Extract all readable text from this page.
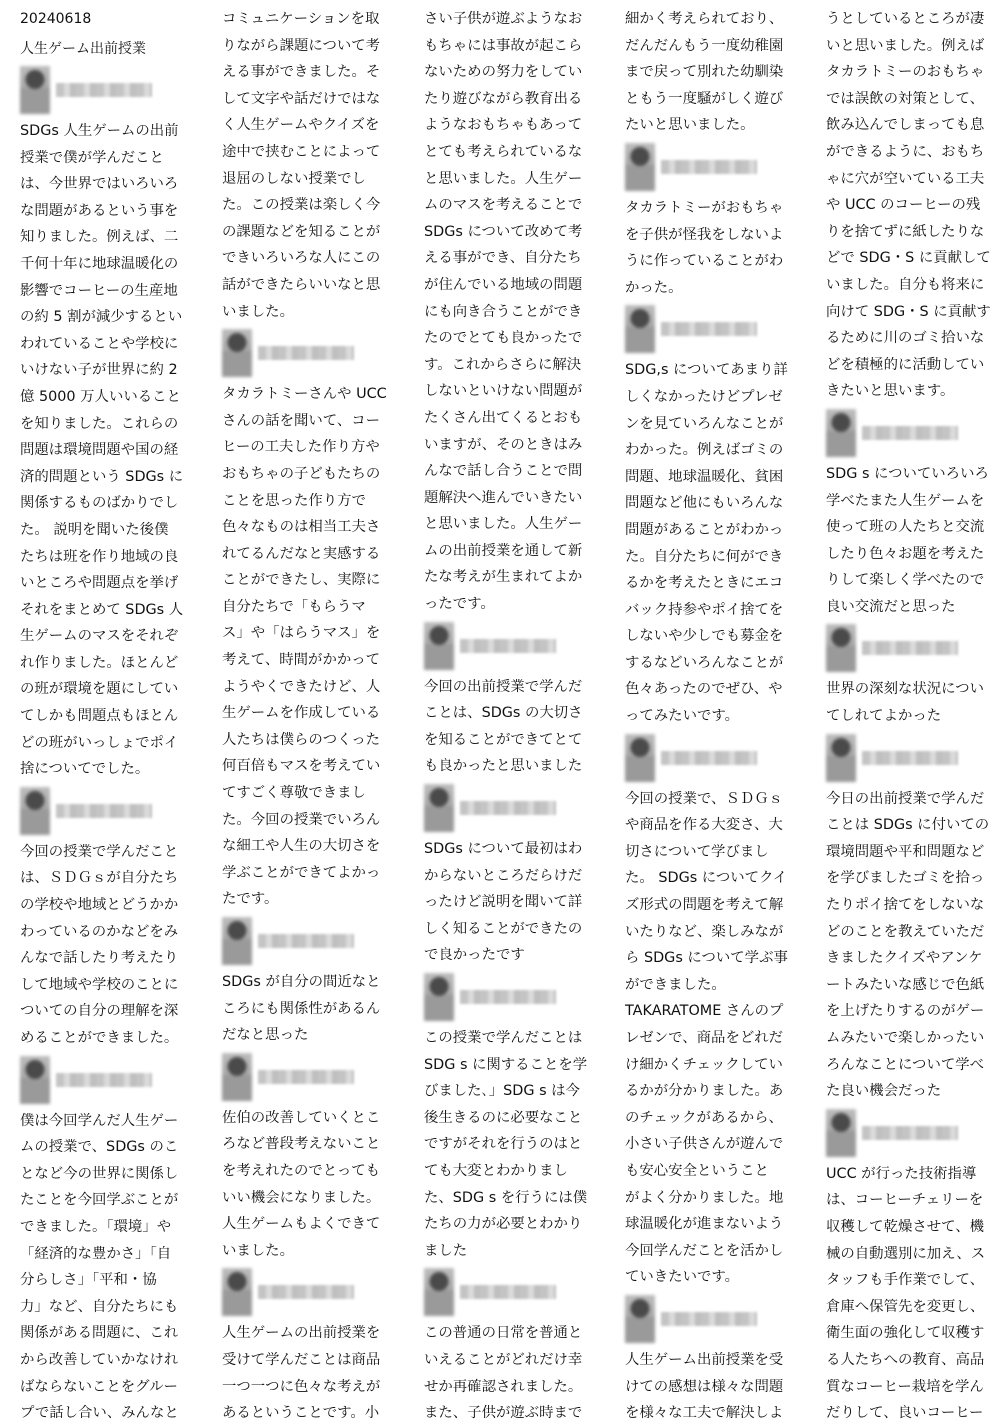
20240618
人生ゲーム出前授業

SDGs 人生ゲームの出前
授業で僕が学んだこと
は、今世界ではいろいろ
な問題があるという事を
知りました。例えば、二
千何十年に地球温暖化の
影響でコーヒーの生産地
の約 5 割が減少するとい
われていることや学校に
いけない子が世界に約 2
億 5000 万人いいること
を知りました。これらの
問題は環境問題や国の経
済的問題という SDGs に
関係するものばかりでし
た。 説明を聞いた後僕
たちは班を作り地域の良
いところや問題点を挙げ
それをまとめて SDGs 人
生ゲームのマスをそれぞ
れ作りました。ほとんど
の班が環境を題にしてい
てしかも問題点もほとん
どの班がいっしょでポイ
捨についてでした。

今回の授業で学んだこと
は、ＳＤＧｓが自分たち
の学校や地域とどうかか
わっているのかなどをみ
んなで話したり考えたり
して地域や学校のことに
ついての自分の理解を深
めることができました。

僕は今回学んだ人生ゲー
ムの授業で、SDGs のこ
となど今の世界に関係し
たことを今回学ぶことが
できました。「環境」や
「経済的な豊かさ」「自
分らしさ」「平和・協
力」など、自分たちにも
関係がある問題に、これ
から改善していかなけれ
ばならないことをグルー
プで話し合い、みんなと

コミュニケーションを取
りながら課題について考
える事ができました。そ
して文字や話だけではな
く人生ゲームやクイズを
途中で挟むことによって
退屈のしない授業でし
た。この授業は楽しく今
の課題などを知ることが
できいろいろな人にこの
話ができたらいいなと思
いました。

タカラトミーさんや UCC
さんの話を聞いて、コー
ヒーの工夫した作り方や
おもちゃの子どもたちの
ことを思った作り方で
色々なものは相当工夫さ
れてるんだなと実感する
ことができたし、実際に
自分たちで「もらうマ
ス」や「はらうマス」を
考えて、時間がかかって
ようやくできたけど、人
生ゲームを作成している
人たちは僕らのつくった
何百倍もマスを考えてい
てすごく尊敬できまし
た。今回の授業でいろん
な細工や人生の大切さを
学ぶことができてよかっ
たです。

SDGs が自分の間近なと
ころにも関係性があるん
だなと思った

佐伯の改善していくとこ
ろなど普段考えないこと
を考えれたのでとっても
いい機会になりました。
人生ゲームもよくできて
いました。

人生ゲームの出前授業を
受けて学んだことは商品
一つ一つに色々な考えが
あるということです。小

さい子供が遊ぶようなお
もちゃには事故が起こら
ないための努力をしてい
たり遊びながら教育出る
ようなおもちゃもあって
とても考えられているな
と思いました。人生ゲー
ムのマスを考えることで
SDGs について改めて考
える事ができ、自分たち
が住んでいる地域の問題
にも向き合うことができ
たのでとても良かったで
す。これからさらに解決
しないといけない問題が
たくさん出てくるとおも
いますが、そのときはみ
んなで話し合うことで問
題解決へ進んでいきたい
と思いました。人生ゲー
ムの出前授業を通して新
たな考えが生まれてよか
ったです。

今回の出前授業で学んだ
ことは、SDGs の大切さ
を知ることができてとて
も良かったと思いました

SDGs について最初はわ
からないところだらけだ
ったけど説明を聞いて詳
しく知ることができたの
で良かったです

この授業で学んだことは
SDG s に関することを学
びました､」SDG s は今
後生きるのに必要なこと
ですがそれを行うのはと
ても大変とわかりまし
た、SDG s を行うには僕
たちの力が必要とわかり
ました

この普通の日常を普通と
いえることがどれだけ幸
せか再確認されました。
また、子供が遊ぶ時まで

細かく考えられており、
だんだんもう一度幼稚園
まで戻って別れた幼馴染
ともう一度騒がしく遊び
たいと思いました。

タカラトミーがおもちゃ
を子供が怪我をしないよ
うに作っていることがわ
かった。

SDG,s についてあまり詳
しくなかったけどプレゼ
ンを見ていろんなことが
わかった。例えばゴミの
問題、地球温暖化、貧困
問題など他にもいろんな
問題があることがわかっ
た。自分たちに何ができ
るかを考えたときにエコ
バック持参やポイ捨てを
しないや少しでも募金を
するなどいろんなことが
色々あったのでぜひ、や
ってみたいです。

今回の授業で、ＳＤＧｓ
や商品を作る大変さ、大
切さについて学びまし
た。 SDGs についてクイ
ズ形式の問題を考えて解
いたりなど、楽しみなが
ら SDGs について学ぶ事
ができました。
TAKARATOME さんのプ
レゼンで、商品をどれだ
け細かくチェックしてい
るかが分かりました。あ
のチェックがあるから、
小さい子供さんが遊んで
も安心安全ということ
がよく分かりました。地
球温暖化が進まないよう
今回学んだことを活かし
ていきたいです。

人生ゲーム出前授業を受
けての感想は様々な問題
を様々な工夫で解決しよ

うとしているところが凄
いと思いました。例えば
タカラトミーのおもちゃ
では誤飲の対策として、
飲み込んでしまっても息
ができるように、おもち
ゃに穴が空いている工夫
や UCC のコーヒーの残
りを捨てずに紙したりな
どで SDG・S に貢献して
いました。自分も将来に
向けて SDG・S に貢献す
るために川のゴミ拾いな
どを積極的に活動してい
きたいと思います。

SDG s についていろいろ
学べたまた人生ゲームを
使って班の人たちと交流
したり色々お題を考えた
りして楽しく学べたので
良い交流だと思った

世界の深刻な状況につい
てしれてよかった

今日の出前授業で学んだ
ことは SDGs に付いての
環境問題や平和問題など
を学びましたゴミを拾っ
たりポイ捨てをしないな
どのことを教えていただ
きましたクイズやアンケ
ートみたいな感じで色紙
を上げたりするのがゲー
ムみたいで楽しかったい
ろんなことについて学べ
た良い機会だった

UCC が行った技術指導
は、コーヒーチェリーを
収穫して乾燥させて、機
械の自動選別に加え、ス
タッフも手作業でして、
倉庫へ保管先を変更し、
衛生面の強化して収穫す
る人たちへの教育、高品
質なコーヒー栽培を学ん
だりして、良いコーヒー
